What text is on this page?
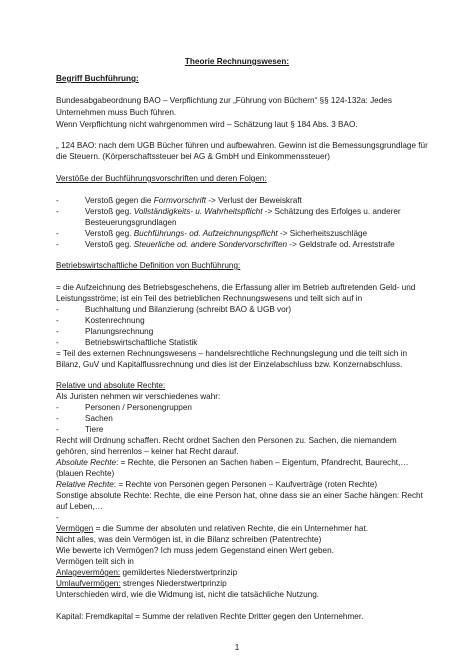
Theorie Rechnungswesen:
Begriff Buchführung:
Bundesabgabeordnung BAO – Verpflichtung zur „Führung von Büchern“ §§ 124-132a: Jedes
Unternehmen muss Buch führen.
Wenn Verpflichtung nicht wahrgenommen wird – Schätzung laut § 184 Abs. 3 BAO.
„ 124 BAO: nach dem UGB Bücher führen und aufbewahren. Gewinn ist die Bemessungsgrundlage für
die Steuern. (Körperschaftssteuer bei AG & GmbH und Einkommenssteuer)
Verstöße der Buchführungsvorschriften und deren Folgen:
-	Verstoß gegen die Formvorschrift -> Verlust der Beweiskraft
-	Verstoß geg. Vollständigkeits- u. Wahrheitspflicht -> Schätzung des Erfolges u. anderer
Besteuerungsgrundlagen
-	Verstoß geg. Buchführungs- od. Aufzeichnungspflicht -> Sicherheitszuschläge
-	Verstoß geg. Steuerliche od. andere Sondervorschriften -> Geldstrafe od. Arreststrafe
Betriebswirtschaftliche Definition von Buchführung:
= die Aufzeichnung des Betriebsgeschehens, die Erfassung aller im Betrieb auftretenden Geld- und
Leistungsströme; ist ein Teil des betrieblichen Rechnungswesens und teilt sich auf in
-	Buchhaltung und Bilanzierung (schreibt BAO & UGB vor)
-	Kostenrechnung
-	Planungsrechnung
-	Betriebswirtschaftliche Statistik
= Teil des externen Rechnungswesens – handelsrechtliche Rechnungslegung und die teilt sich in
Bilanz, GuV und Kapitalflussrechnung und dies ist der Einzelabschluss bzw. Konzernabschluss.
Relative und absolute Rechte:
Als Juristen nehmen wir verschiedenes wahr:
-	Personen / Personengruppen
-	Sachen
-	Tiere
Recht will Ordnung schaffen. Recht ordnet Sachen den Personen zu. Sachen, die niemandem
gehören, sind herrenlos – keiner hat Recht darauf.
Absolute Rechte: = Rechte, die Personen an Sachen haben – Eigentum, Pfandrecht, Baurecht,…
(blauen Rechte)
Relative Rechte: = Rechte von Personen gegen Personen – Kaufverträge (roten Rechte)
Sonstige absolute Rechte: Rechte, die eine Person hat, ohne dass sie an einer Sache hängen: Recht
auf Leben,…
-
Vermögen = die Summe der absoluten und relativen Rechte, die ein Unternehmer hat.
Nicht alles, was dein Vermögen ist, in die Bilanz schreiben (Patentrechte)
Wie bewerte ich Vermögen? Ich muss jedem Gegenstand einen Wert geben.
Vermögen teilt sich in
Anlagevermögen: gemildertes Niederstwertprinzip
Umlaufvermögen: strenges Niederstwertprinzip
Unterschieden wird, wie die Widmung ist, nicht die tatsächliche Nutzung.
Kapital: Fremdkapital = Summe der relativen Rechte Dritter gegen den Unternehmer.
1
